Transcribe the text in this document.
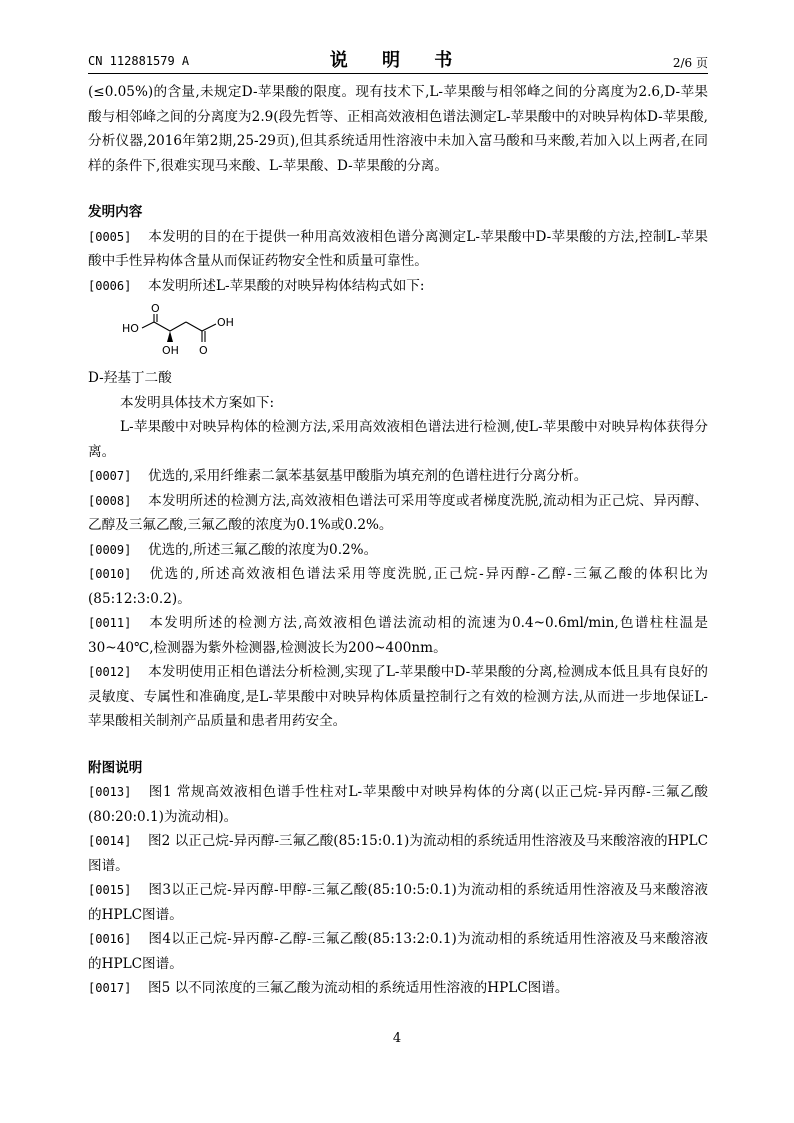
CN 112881579 A	说 明 书	2/6 页

(≤0.05%)的含量,未规定D-苹果酸的限度。现有技术下,L-苹果酸与相邻峰之间的分离度为2.6,D-苹果酸与相邻峰之间的分离度为2.9(段先哲等、正相高效液相色谱法测定L-苹果酸中的对映异构体D-苹果酸,分析仪器,2016年第2期,25-29页),但其系统适用性溶液中未加入富马酸和马来酸,若加入以上两者,在同样的条件下,很难实现马来酸、L-苹果酸、D-苹果酸的分离。

发明内容

[0005] 本发明的目的在于提供一种用高效液相色谱分离测定L-苹果酸中D-苹果酸的方法,控制L-苹果酸中手性异构体含量从而保证药物安全性和质量可靠性。

[0006] 本发明所述L-苹果酸的对映异构体结构式如下:

O
HO	OH
OH O

D-羟基丁二酸

本发明具体技术方案如下:

L-苹果酸中对映异构体的检测方法,采用高效液相色谱法进行检测,使L-苹果酸中对映异构体获得分离。

[0007] 优选的,采用纤维素二氯苯基氨基甲酸脂为填充剂的色谱柱进行分离分析。

[0008] 本发明所述的检测方法,高效液相色谱法可采用等度或者梯度洗脱,流动相为正己烷、异丙醇、乙醇及三氟乙酸,三氟乙酸的浓度为0.1%或0.2%。

[0009] 优选的,所述三氟乙酸的浓度为0.2%。

[0010] 优选的,所述高效液相色谱法采用等度洗脱,正己烷-异丙醇-乙醇-三氟乙酸的体积比为(85:12:3:0.2)。

[0011] 本发明所述的检测方法,高效液相色谱法流动相的流速为0.4~0.6ml/min,色谱柱柱温是30~40℃,检测器为紫外检测器,检测波长为200~400nm。

[0012] 本发明使用正相色谱法分析检测,实现了L-苹果酸中D-苹果酸的分离,检测成本低且具有良好的灵敏度、专属性和准确度,是L-苹果酸中对映异构体质量控制行之有效的检测方法,从而进一步地保证L-苹果酸相关制剂产品质量和患者用药安全。

附图说明

[0013] 图1 常规高效液相色谱手性柱对L-苹果酸中对映异构体的分离(以正己烷-异丙醇-三氟乙酸(80:20:0.1)为流动相)。

[0014] 图2 以正己烷-异丙醇-三氟乙酸(85:15:0.1)为流动相的系统适用性溶液及马来酸溶液的HPLC图谱。

[0015] 图3以正己烷-异丙醇-甲醇-三氟乙酸(85:10:5:0.1)为流动相的系统适用性溶液及马来酸溶液的HPLC图谱。

[0016] 图4以正己烷-异丙醇-乙醇-三氟乙酸(85:13:2:0.1)为流动相的系统适用性溶液及马来酸溶液的HPLC图谱。

[0017] 图5 以不同浓度的三氟乙酸为流动相的系统适用性溶液的HPLC图谱。

4
